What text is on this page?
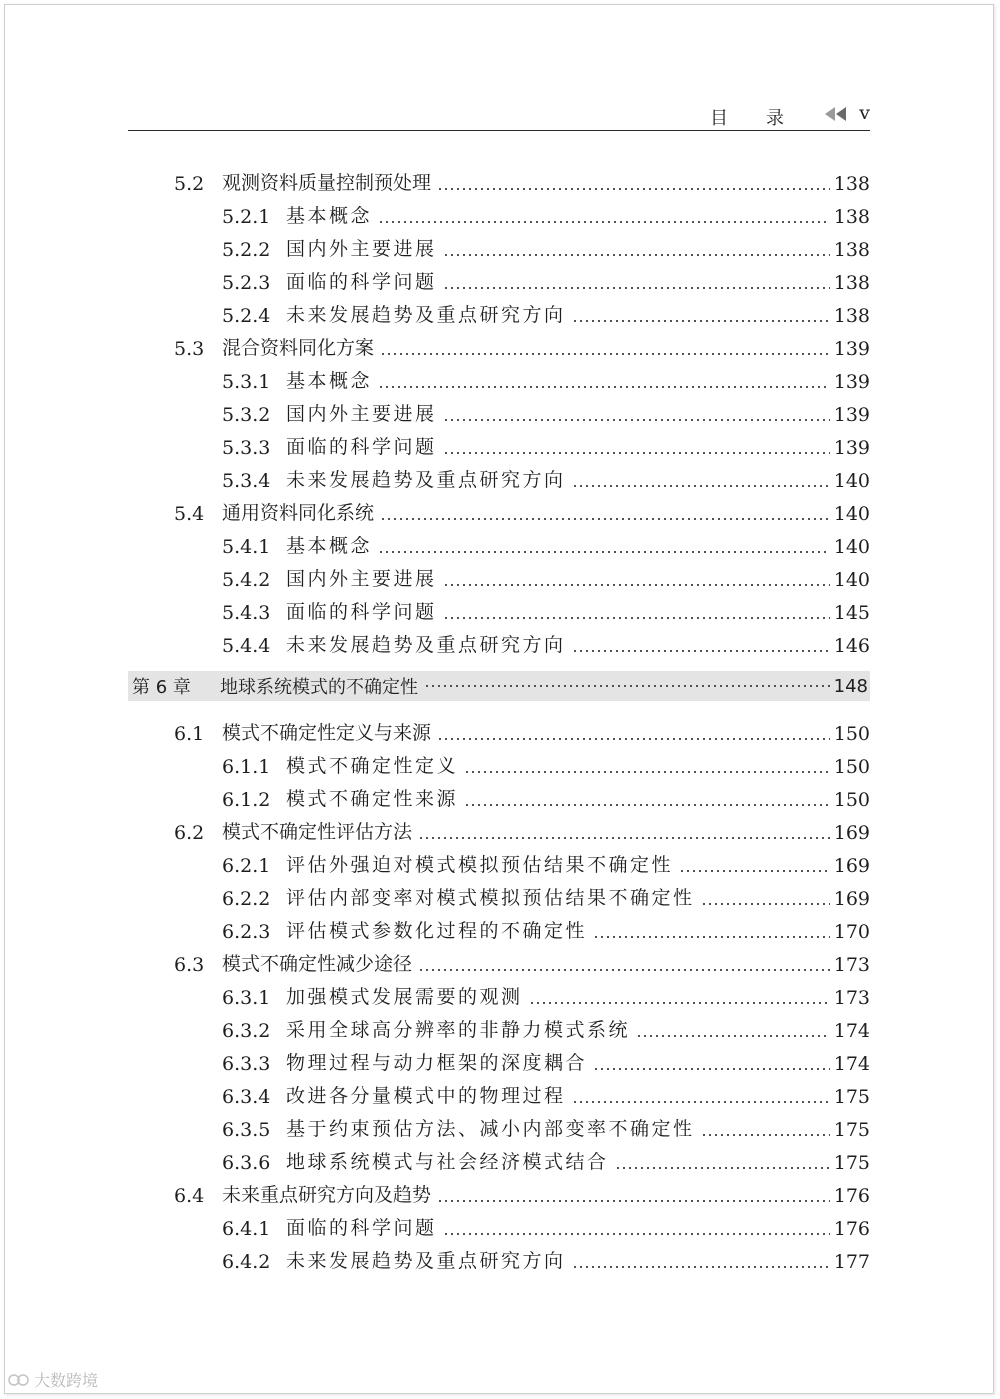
目录 v
5.2 观测资料质量控制预处理	138
5.2.1 基本概念	138
5.2.2 国内外主要进展	138
5.2.3 面临的科学问题	138
5.2.4 未来发展趋势及重点研究方向	138
5.3 混合资料同化方案	139
5.3.1 基本概念	139
5.3.2 国内外主要进展	139
5.3.3 面临的科学问题	139
5.3.4 未来发展趋势及重点研究方向	140
5.4 通用资料同化系统	140
5.4.1 基本概念	140
5.4.2 国内外主要进展	140
5.4.3 面临的科学问题	145
5.4.4 未来发展趋势及重点研究方向	146
第 6 章	地球系统模式的不确定性	148
6.1 模式不确定性定义与来源	150
6.1.1 模式不确定性定义	150
6.1.2 模式不确定性来源	150
6.2 模式不确定性评估方法	169
6.2.1 评估外强迫对模式模拟预估结果不确定性	169
6.2.2 评估内部变率对模式模拟预估结果不确定性	169
6.2.3 评估模式参数化过程的不确定性	170
6.3 模式不确定性减少途径	173
6.3.1 加强模式发展需要的观测	173
6.3.2 采用全球高分辨率的非静力模式系统	174
6.3.3 物理过程与动力框架的深度耦合	174
6.3.4 改进各分量模式中的物理过程	175
6.3.5 基于约束预估方法、减小内部变率不确定性	175
6.3.6 地球系统模式与社会经济模式结合	175
6.4 未来重点研究方向及趋势	176
6.4.1 面临的科学问题	176
6.4.2 未来发展趋势及重点研究方向	177
大数跨境
